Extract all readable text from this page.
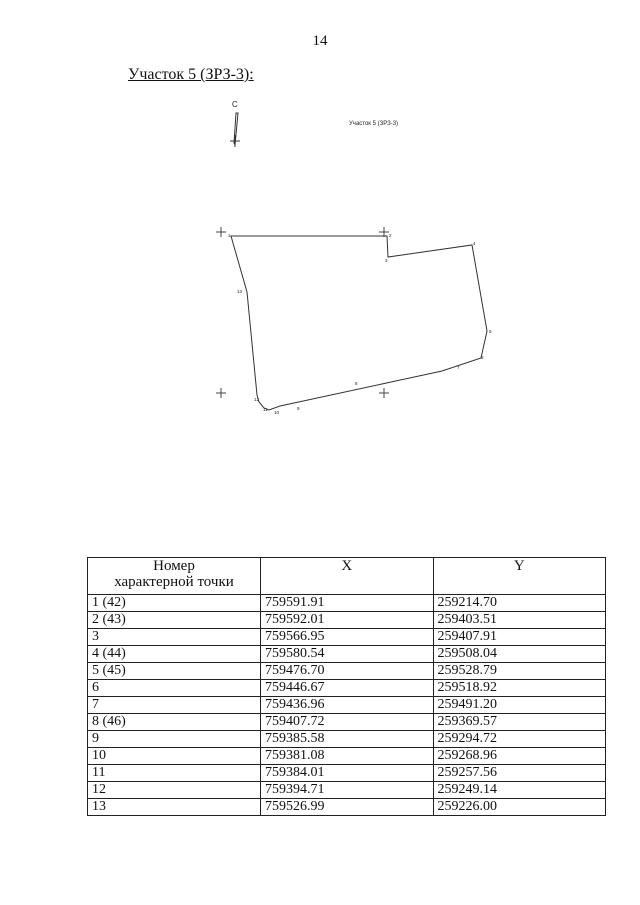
14
Участок 5 (ЗРЗ-3):
С
Участок 5 (ЗРЗ-3)
1	2
3
4
5
6
7
8
9
10
11
12
13
Номер
характерной точки	X	Y
1 (42)	759591.91	259214.70
2 (43)	759592.01	259403.51
3	759566.95	259407.91
4 (44)	759580.54	259508.04
5 (45)	759476.70	259528.79
6	759446.67	259518.92
7	759436.96	259491.20
8 (46)	759407.72	259369.57
9	759385.58	259294.72
10	759381.08	259268.96
11	759384.01	259257.56
12	759394.71	259249.14
13	759526.99	259226.00
